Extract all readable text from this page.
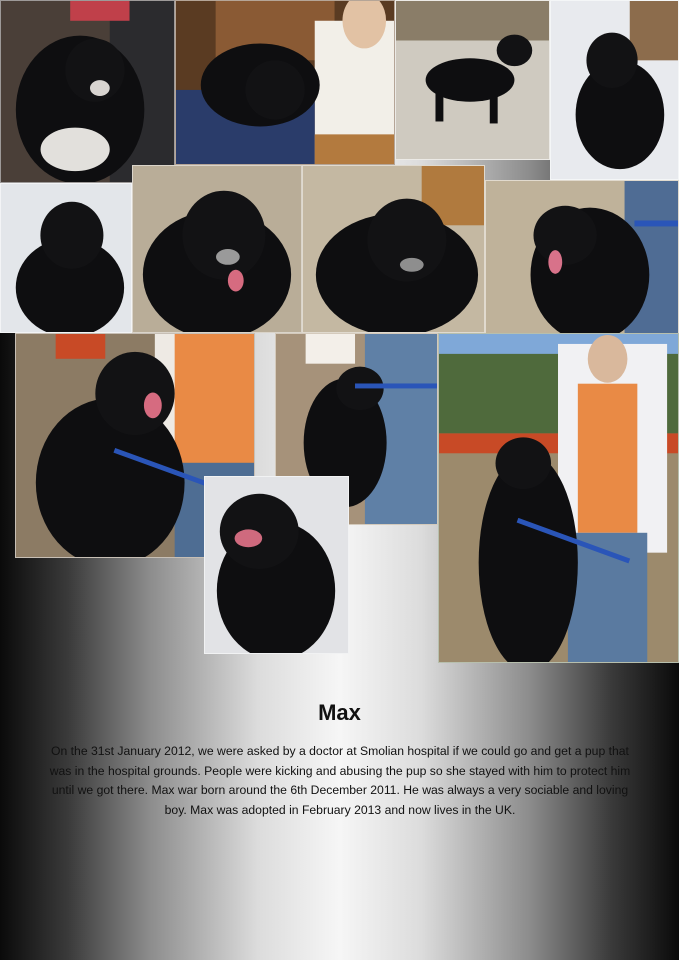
Max
On the 31st January 2012, we were asked by a doctor at Smolian hospital if we could go and get a pup that was in the hospital grounds. People were kicking and abusing the pup so she stayed with him to protect him until we got there. Max war born around the 6th December 2011. He was always a very sociable and loving boy. Max was adopted in February 2013 and now lives in the UK.
